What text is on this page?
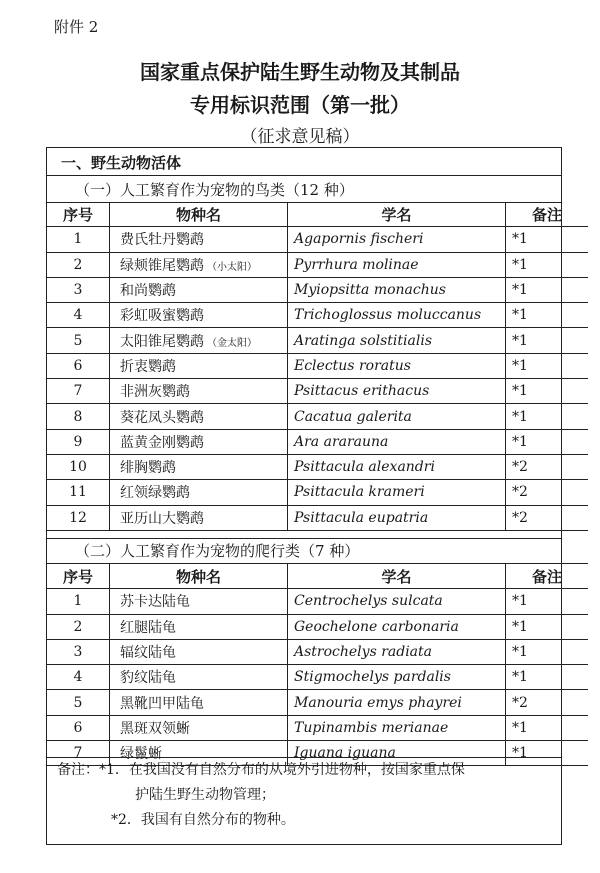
附件 2
国家重点保护陆生野生动物及其制品
专用标识范围（第一批）
（征求意见稿）
一、野生动物活体
（一）人工繁育作为宠物的鸟类（12 种）
序号	物种名	学名	备注
1	费氏牡丹鹦鹉	Agapornis fischeri	*1
2	绿颊锥尾鹦鹉 （小太阳）	Pyrrhura molinae	*1
3	和尚鹦鹉	Myiopsitta monachus	*1
4	彩虹吸蜜鹦鹉	Trichoglossus moluccanus	*1
5	太阳锥尾鹦鹉 （金太阳）	Aratinga solstitialis	*1
6	折衷鹦鹉	Eclectus roratus	*1
7	非洲灰鹦鹉	Psittacus erithacus	*1
8	葵花凤头鹦鹉	Cacatua galerita	*1
9	蓝黄金刚鹦鹉	Ara ararauna	*1
10	绯胸鹦鹉	Psittacula alexandri	*2
11	红领绿鹦鹉	Psittacula krameri	*2
12	亚历山大鹦鹉	Psittacula eupatria	*2
（二）人工繁育作为宠物的爬行类（7 种）
序号	物种名	学名	备注
1	苏卡达陆龟	Centrochelys sulcata	*1
2	红腿陆龟	Geochelone carbonaria	*1
3	辐纹陆龟	Astrochelys radiata	*1
4	豹纹陆龟	Stigmochelys pardalis	*1
5	黑靴凹甲陆龟	Manouria emys phayrei	*2
6	黑斑双领蜥	Tupinambis merianae	*1
7	绿鬣蜥	Iguana iguana	*1
备注：*1．在我国没有自然分布的从境外引进物种，按国家重点保
护陆生野生动物管理；
*2．我国有自然分布的物种。
